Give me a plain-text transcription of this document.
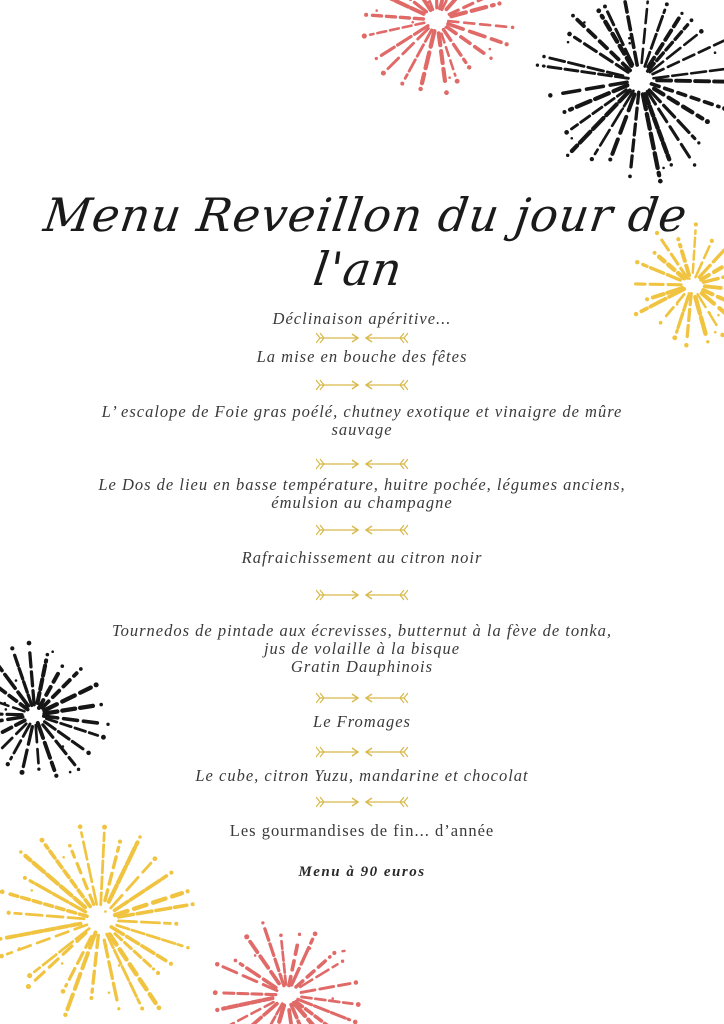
Menu Reveillon du jour de l'an
Déclinaison apéritive...
La mise en bouche des fêtes
L’ escalope de Foie gras poélé, chutney exotique et vinaigre de mûre
sauvage
Le Dos de lieu en basse température, huitre pochée, légumes anciens,
émulsion au champagne
Rafraichissement au citron noir
Tournedos de pintade aux écrevisses, butternut à la fève de tonka,
jus de volaille à la bisque
Gratin Dauphinois
Le Fromages
Le cube, citron Yuzu, mandarine et chocolat
Les gourmandises de fin... d’année
Menu à 90 euros
